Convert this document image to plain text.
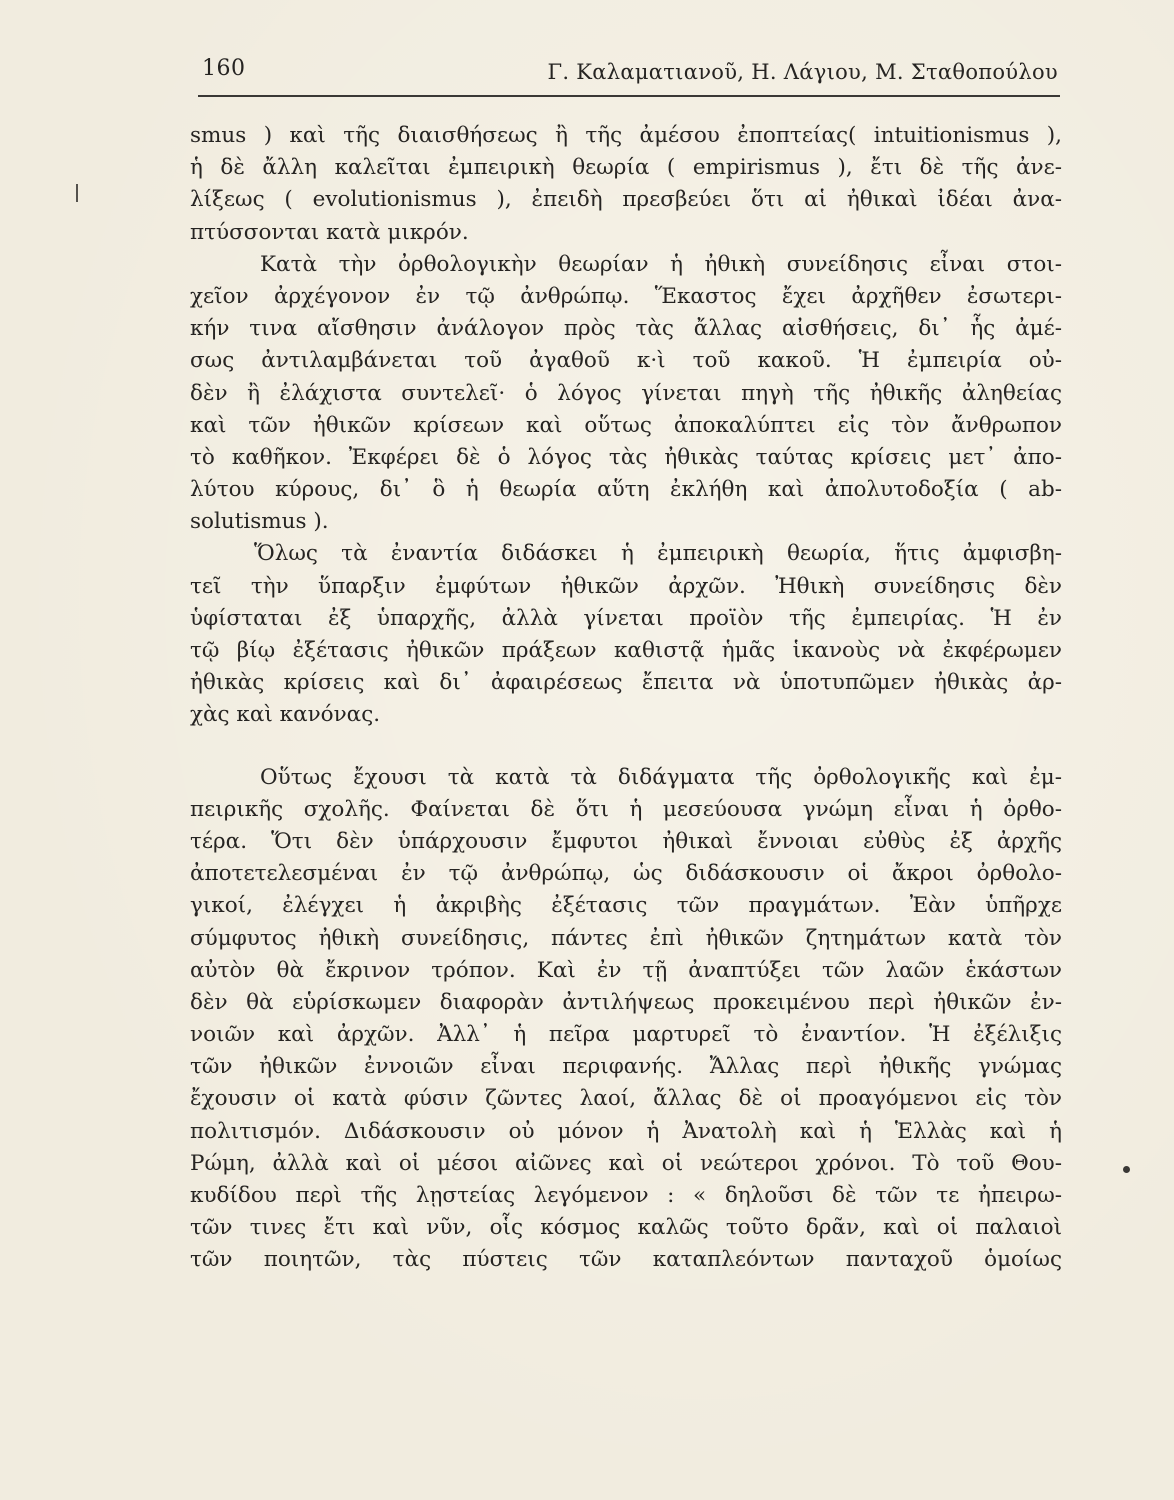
160	Γ. Καλαματιανοῦ, Η. Λάγιου, Μ. Σταθοπούλου
smus ) καὶ τῆς διαισθήσεως ἢ τῆς ἀμέσου ἐποπτείας( intuitionismus ),
ἡ δὲ ἄλλη καλεῖται ἐμπειρικὴ θεωρία ( empirismus ), ἔτι δὲ τῆς ἀνε-
λίξεως ( evolutionismus ), ἐπειδὴ πρεσβεύει ὅτι αἱ ἠθικαὶ ἰδέαι ἀνα-
πτύσσονται κατὰ μικρόν.
Κατὰ τὴν ὀρθολογικὴν θεωρίαν ἡ ἠθικὴ συνείδησις εἶναι στοι-
χεῖον ἀρχέγονον ἐν τῷ ἀνθρώπῳ. Ἕκαστος ἔχει ἀρχῆθεν ἐσωτερι-
κήν τινα αἴσθησιν ἀνάλογον πρὸς τὰς ἄλλας αἰσθήσεις, δι᾽ ἧς ἀμέ-
σως ἀντιλαμβάνεται τοῦ ἀγαθοῦ κ·ὶ τοῦ κακοῦ. Ἡ ἐμπειρία οὐ-
δὲν ἢ ἐλάχιστα συντελεῖ· ὁ λόγος γίνεται πηγὴ τῆς ἠθικῆς ἀληθείας
καὶ τῶν ἠθικῶν κρίσεων καὶ οὕτως ἀποκαλύπτει εἰς τὸν ἄνθρωπον
τὸ καθῆκον. Ἐκφέρει δὲ ὁ λόγος τὰς ἠθικὰς ταύτας κρίσεις μετ᾽ ἀπο-
λύτου κύρους, δι᾽ ὃ ἡ θεωρία αὕτη ἐκλήθη καὶ ἀπολυτοδοξία ( ab-
solutismus ).
Ὅλως τὰ ἐναντία διδάσκει ἡ ἐμπειρικὴ θεωρία, ἥτις ἀμφισβη-
τεῖ τὴν ὕπαρξιν ἐμφύτων ἠθικῶν ἀρχῶν. Ἠθικὴ συνείδησις δὲν
ὑφίσταται ἐξ ὑπαρχῆς, ἀλλὰ γίνεται προϊὸν τῆς ἐμπειρίας. Ἡ ἐν
τῷ βίῳ ἐξέτασις ἠθικῶν πράξεων καθιστᾷ ἡμᾶς ἱκανοὺς νὰ ἐκφέρωμεν
ἠθικὰς κρίσεις καὶ δι᾽ ἀφαιρέσεως ἔπειτα νὰ ὑποτυπῶμεν ἠθικὰς ἀρ-
χὰς καὶ κανόνας.
Οὕτως ἔχουσι τὰ κατὰ τὰ διδάγματα τῆς ὀρθολογικῆς καὶ ἐμ-
πειρικῆς σχολῆς. Φαίνεται δὲ ὅτι ἡ μεσεύουσα γνώμη εἶναι ἡ ὀρθο-
τέρα. Ὅτι δὲν ὑπάρχουσιν ἔμφυτοι ἠθικαὶ ἔννοιαι εὐθὺς ἐξ ἀρχῆς
ἀποτετελεσμέναι ἐν τῷ ἀνθρώπῳ, ὡς διδάσκουσιν οἱ ἄκροι ὀρθολο-
γικοί, ἐλέγχει ἡ ἀκριβὴς ἐξέτασις τῶν πραγμάτων. Ἐὰν ὑπῆρχε
σύμφυτος ἠθικὴ συνείδησις, πάντες ἐπὶ ἠθικῶν ζητημάτων κατὰ τὸν
αὐτὸν θὰ ἔκρινον τρόπον. Καὶ ἐν τῇ ἀναπτύξει τῶν λαῶν ἑκάστων
δὲν θὰ εὑρίσκωμεν διαφορὰν ἀντιλήψεως προκειμένου περὶ ἠθικῶν ἐν-
νοιῶν καὶ ἀρχῶν. Ἀλλ᾽ ἡ πεῖρα μαρτυρεῖ τὸ ἐναντίον. Ἡ ἐξέλιξις
τῶν ἠθικῶν ἐννοιῶν εἶναι περιφανής. Ἄλλας περὶ ἠθικῆς γνώμας
ἔχουσιν οἱ κατὰ φύσιν ζῶντες λαοί, ἄλλας δὲ οἱ προαγόμενοι εἰς τὸν
πολιτισμόν. Διδάσκουσιν οὐ μόνον ἡ Ἀνατολὴ καὶ ἡ Ἑλλὰς καὶ ἡ
Ρώμη, ἀλλὰ καὶ οἱ μέσοι αἰῶνες καὶ οἱ νεώτεροι χρόνοι. Τὸ τοῦ Θου-
κυδίδου περὶ τῆς λῃστείας λεγόμενον : « δηλοῦσι δὲ τῶν τε ἠπειρω-
τῶν τινες ἔτι καὶ νῦν, οἷς κόσμος καλῶς τοῦτο δρᾶν, καὶ οἱ παλαιοὶ
τῶν ποιητῶν, τὰς πύστεις τῶν καταπλεόντων πανταχοῦ ὁμοίως
